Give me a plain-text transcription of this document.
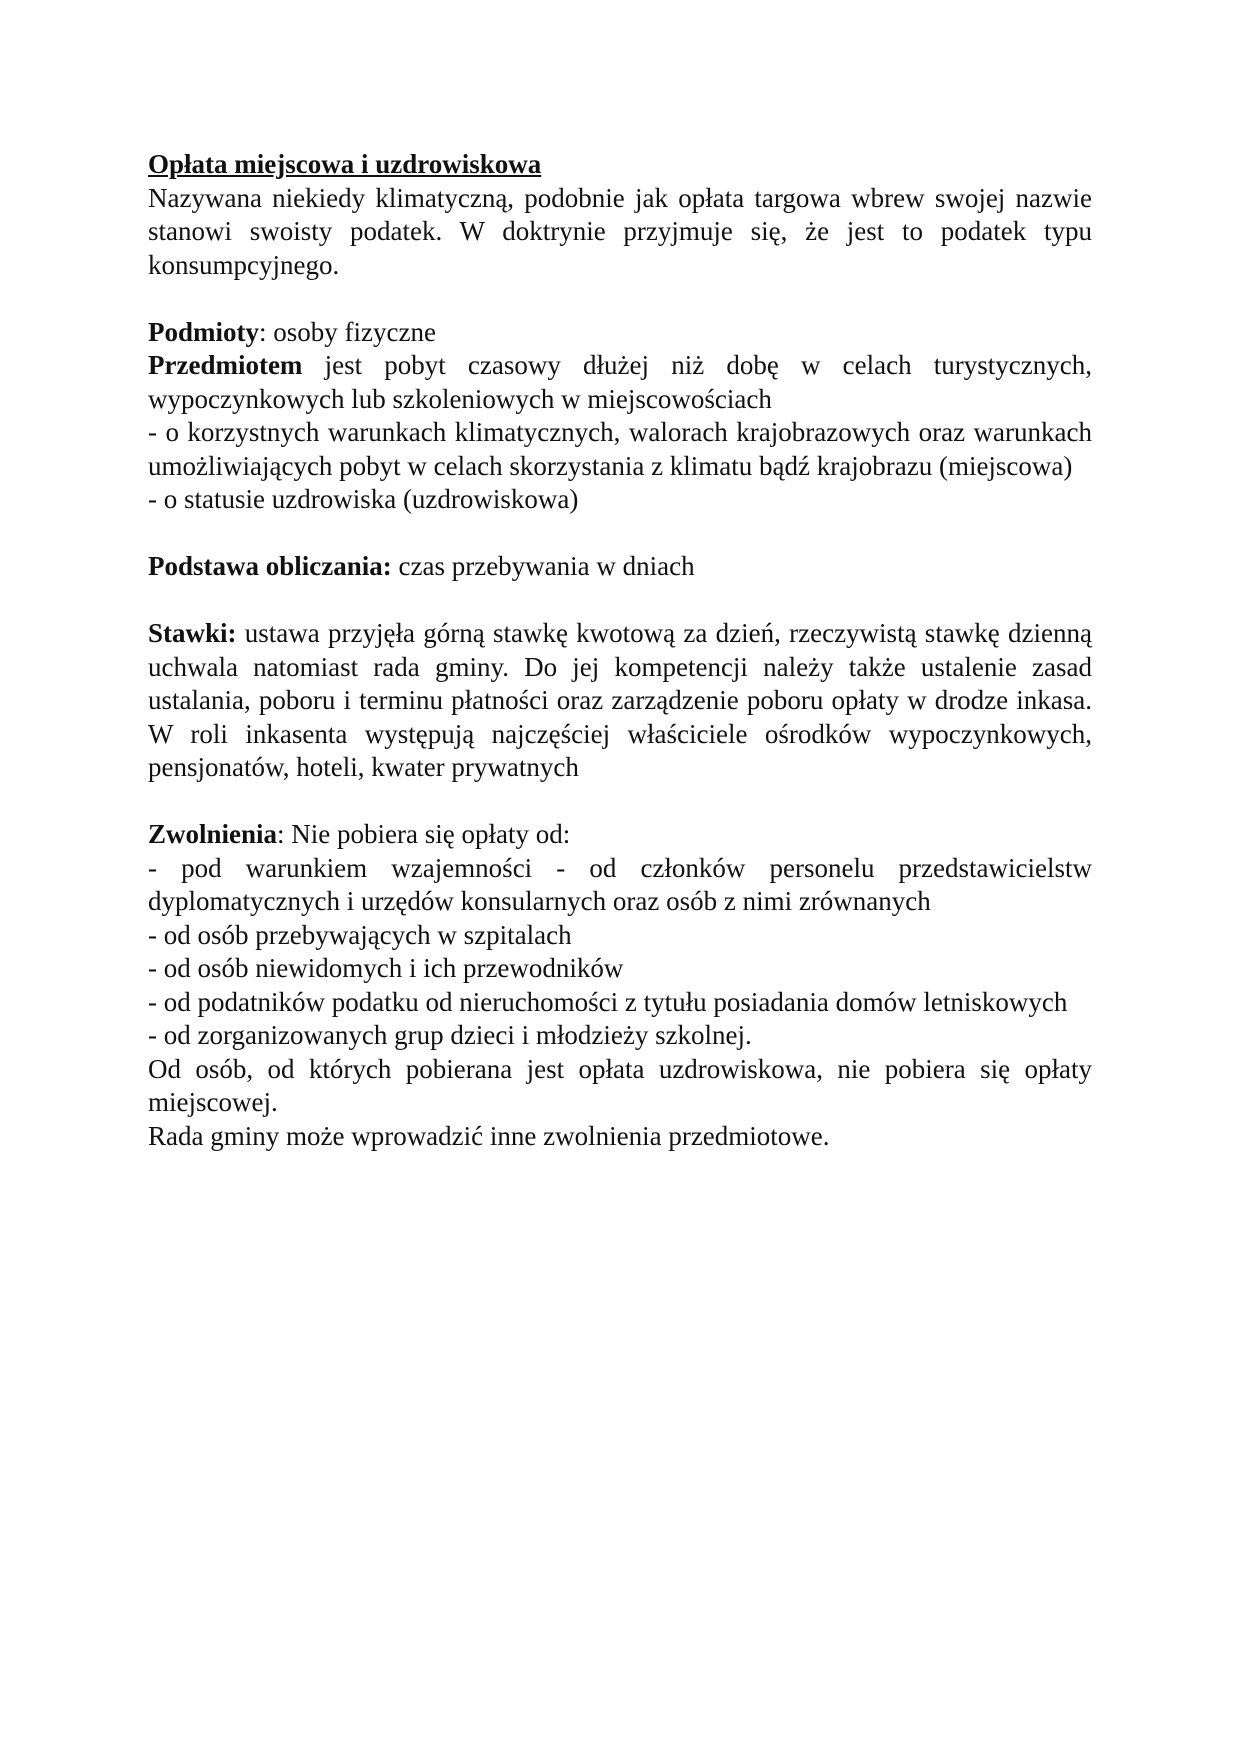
Opłata miejscowa i uzdrowiskowa

Nazywana niekiedy klimatyczną, podobnie jak opłata targowa wbrew swojej nazwie stanowi swoisty podatek. W doktrynie przyjmuje się, że jest to podatek typu konsumpcyjnego.

Podmioty: osoby fizyczne

Przedmiotem jest pobyt czasowy dłużej niż dobę w celach turystycznych, wypoczynkowych lub szkoleniowych w miejscowościach

- o korzystnych warunkach klimatycznych, walorach krajobrazowych oraz warunkach umożliwiających pobyt w celach skorzystania z klimatu bądź krajobrazu (miejscowa)

- o statusie uzdrowiska (uzdrowiskowa)

Podstawa obliczania: czas przebywania w dniach

Stawki: ustawa przyjęła górną stawkę kwotową za dzień, rzeczywistą stawkę dzienną uchwala natomiast rada gminy. Do jej kompetencji należy także ustalenie zasad ustalania, poboru i terminu płatności oraz zarządzenie poboru opłaty w drodze inkasa. W roli inkasenta występują najczęściej właściciele ośrodków wypoczynkowych, pensjonatów, hoteli, kwater prywatnych

Zwolnienia: Nie pobiera się opłaty od:

- pod warunkiem wzajemności - od członków personelu przedstawicielstw dyplomatycznych i urzędów konsularnych oraz osób z nimi zrównanych

- od osób przebywających w szpitalach

- od osób niewidomych i ich przewodników

- od podatników podatku od nieruchomości z tytułu posiadania domów letniskowych

- od zorganizowanych grup dzieci i młodzieży szkolnej.

Od osób, od których pobierana jest opłata uzdrowiskowa, nie pobiera się opłaty miejscowej.

Rada gminy może wprowadzić inne zwolnienia przedmiotowe.
